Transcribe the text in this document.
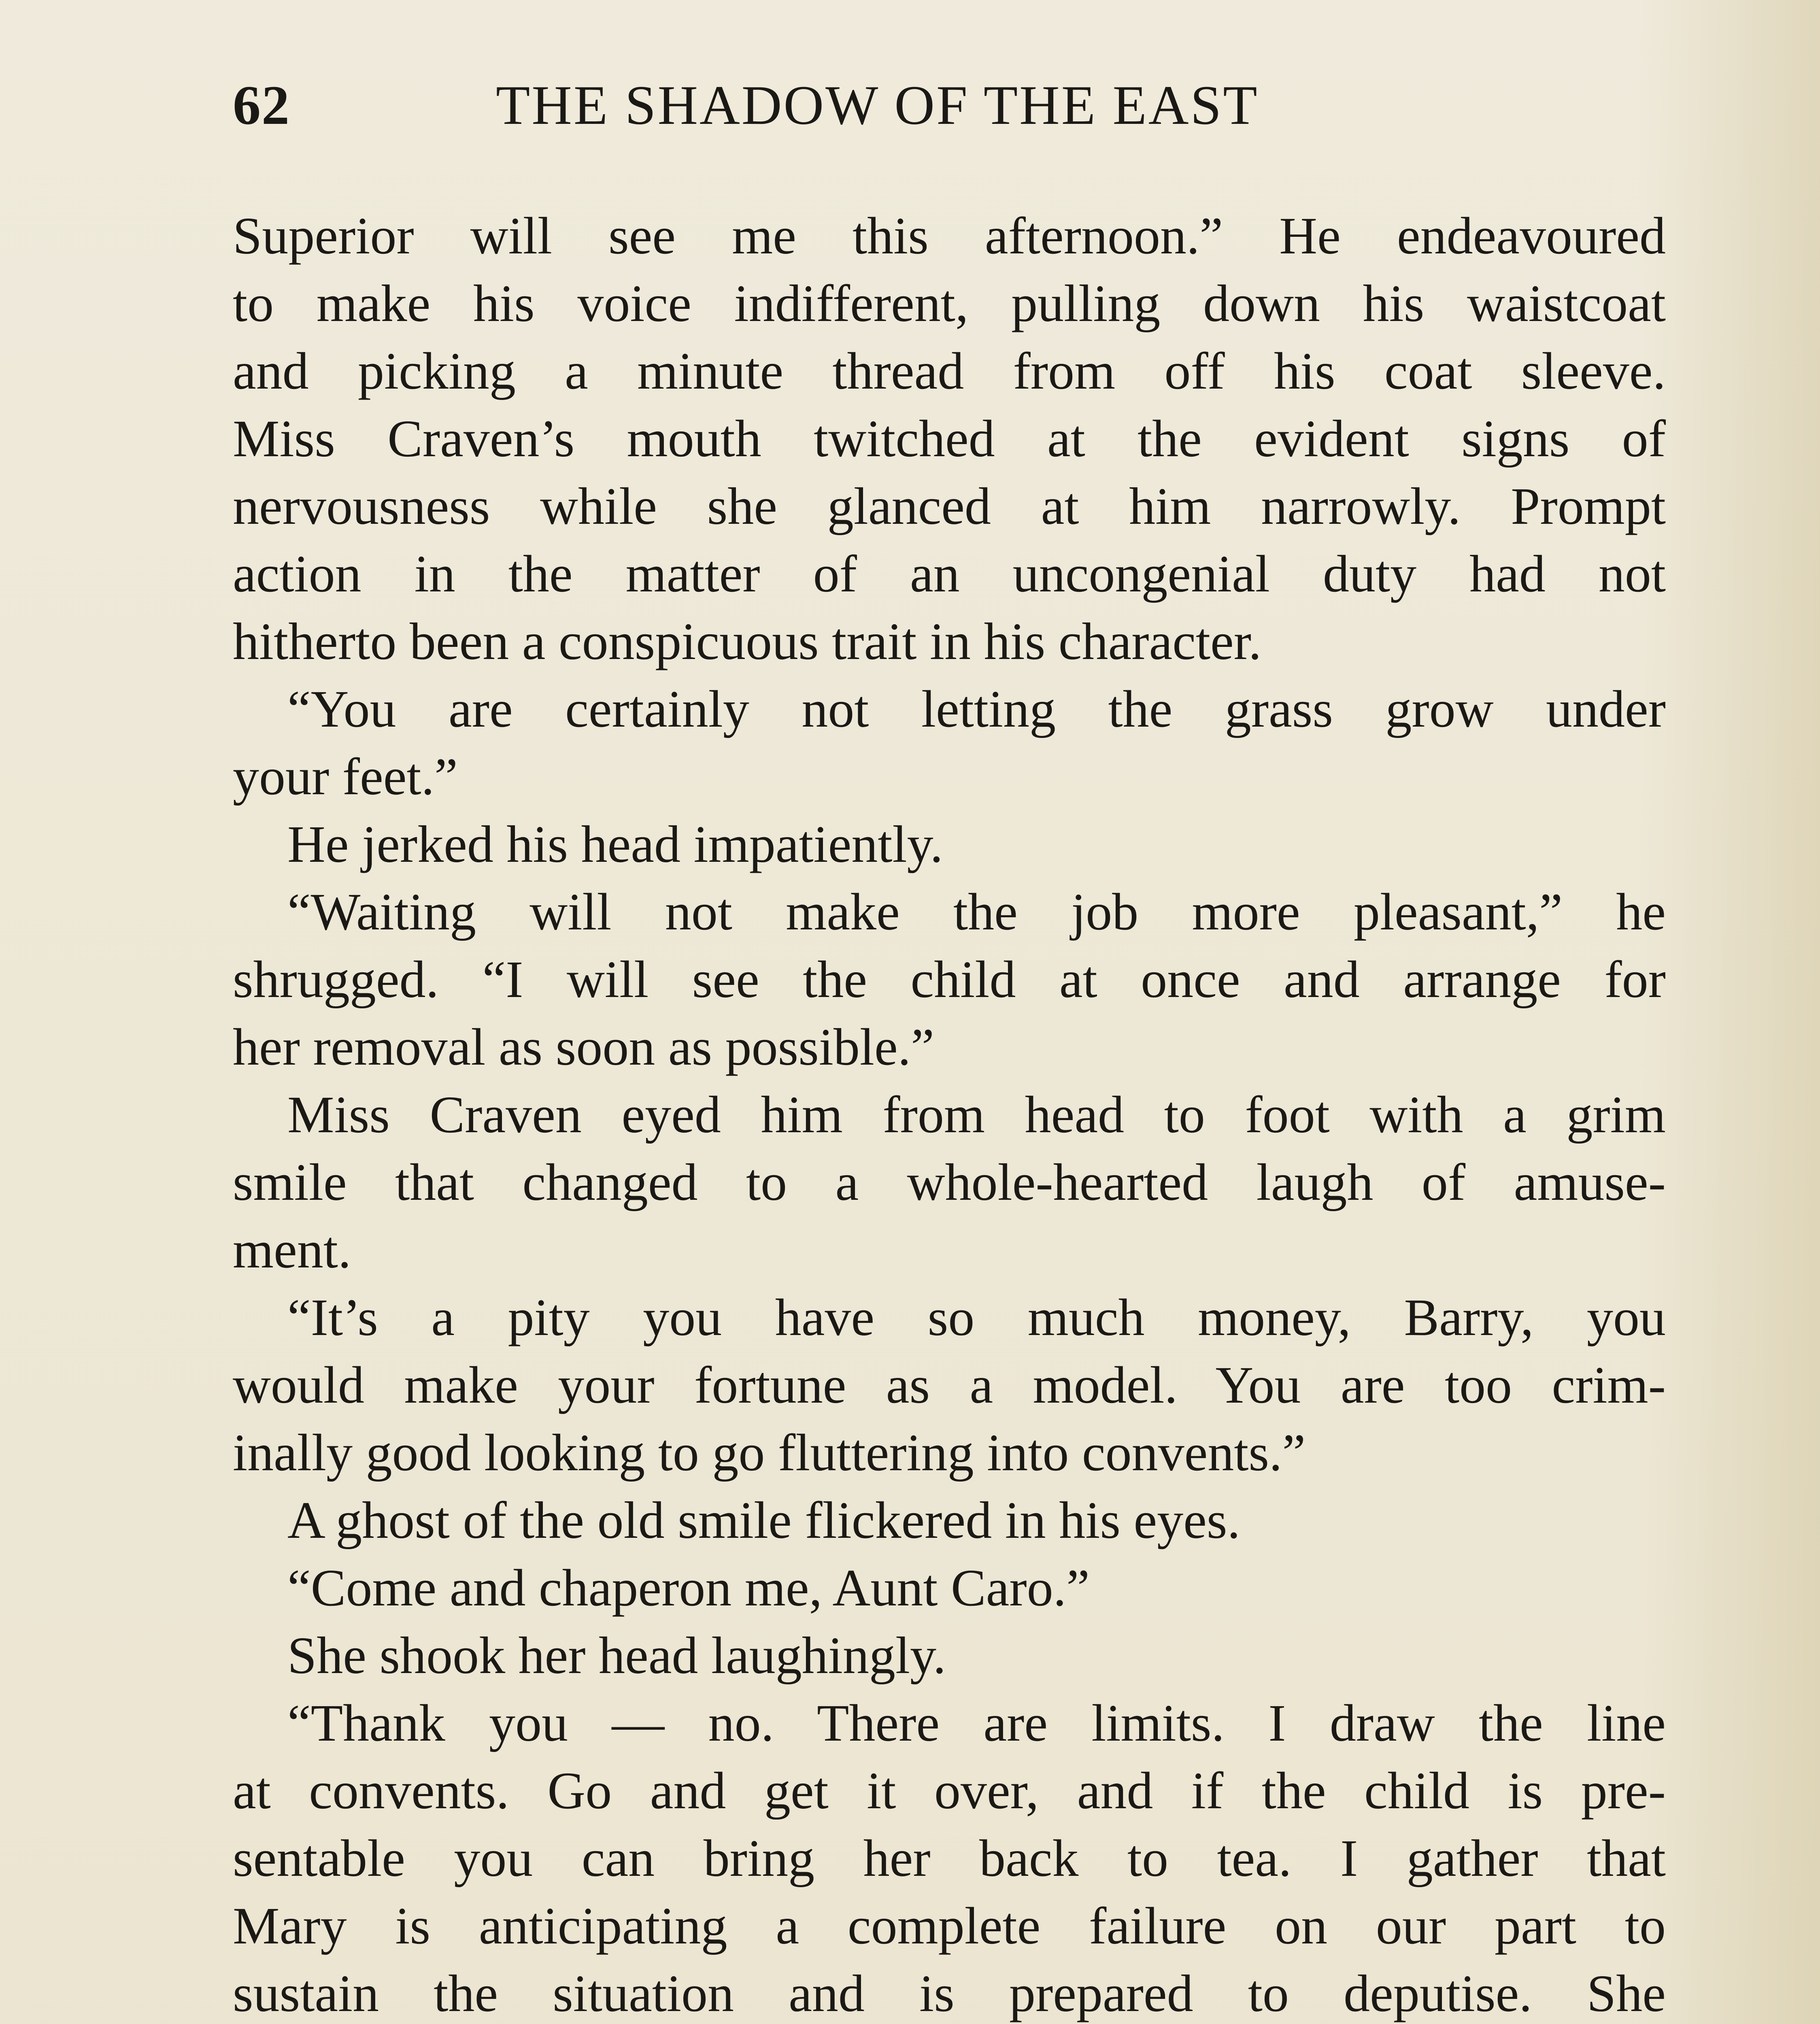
62	THE SHADOW OF THE EAST
Superior will see me this afternoon.” He endeavoured
to make his voice indifferent, pulling down his waistcoat
and picking a minute thread from off his coat sleeve.
Miss Craven’s mouth twitched at the evident signs of
nervousness while she glanced at him narrowly. Prompt
action in the matter of an uncongenial duty had not
hitherto been a conspicuous trait in his character.
“You are certainly not letting the grass grow under
your feet.”
He jerked his head impatiently.
“Waiting will not make the job more pleasant,” he
shrugged. “I will see the child at once and arrange for
her removal as soon as possible.”
Miss Craven eyed him from head to foot with a grim
smile that changed to a whole-hearted laugh of amuse-
ment.
“It’s a pity you have so much money, Barry, you
would make your fortune as a model. You are too crim-
inally good looking to go fluttering into convents.”
A ghost of the old smile flickered in his eyes.
“Come and chaperon me, Aunt Caro.”
She shook her head laughingly.
“Thank you — no. There are limits. I draw the line
at convents. Go and get it over, and if the child is pre-
sentable you can bring her back to tea. I gather that
Mary is anticipating a complete failure on our part to
sustain the situation and is prepared to deputise. She
